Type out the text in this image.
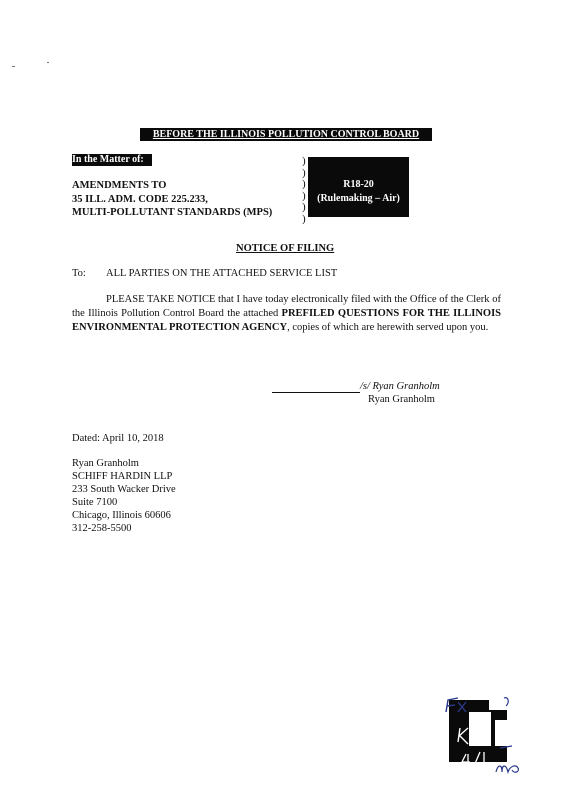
BEFORE THE ILLINOIS POLLUTION CONTROL BOARD
In the Matter of:
AMENDMENTS TO
35 ILL. ADM. CODE 225.233,
MULTI-POLLUTANT STANDARDS (MPS)
)
)
)
)
)
)
R18-20
(Rulemaking – Air)
NOTICE OF FILING
To: ALL PARTIES ON THE ATTACHED SERVICE LIST
PLEASE TAKE NOTICE that I have today electronically filed with the Office of the Clerk of the Illinois Pollution Control Board the attached PREFILED QUESTIONS FOR THE ILLINOIS ENVIRONMENTAL PROTECTION AGENCY, copies of which are herewith served upon you.
/s/ Ryan Granholm
Ryan Granholm
Dated: April 10, 2018
Ryan Granholm
SCHIFF HARDIN LLP
233 South Wacker Drive
Suite 7100
Chicago, Illinois 60606
312-258-5500
